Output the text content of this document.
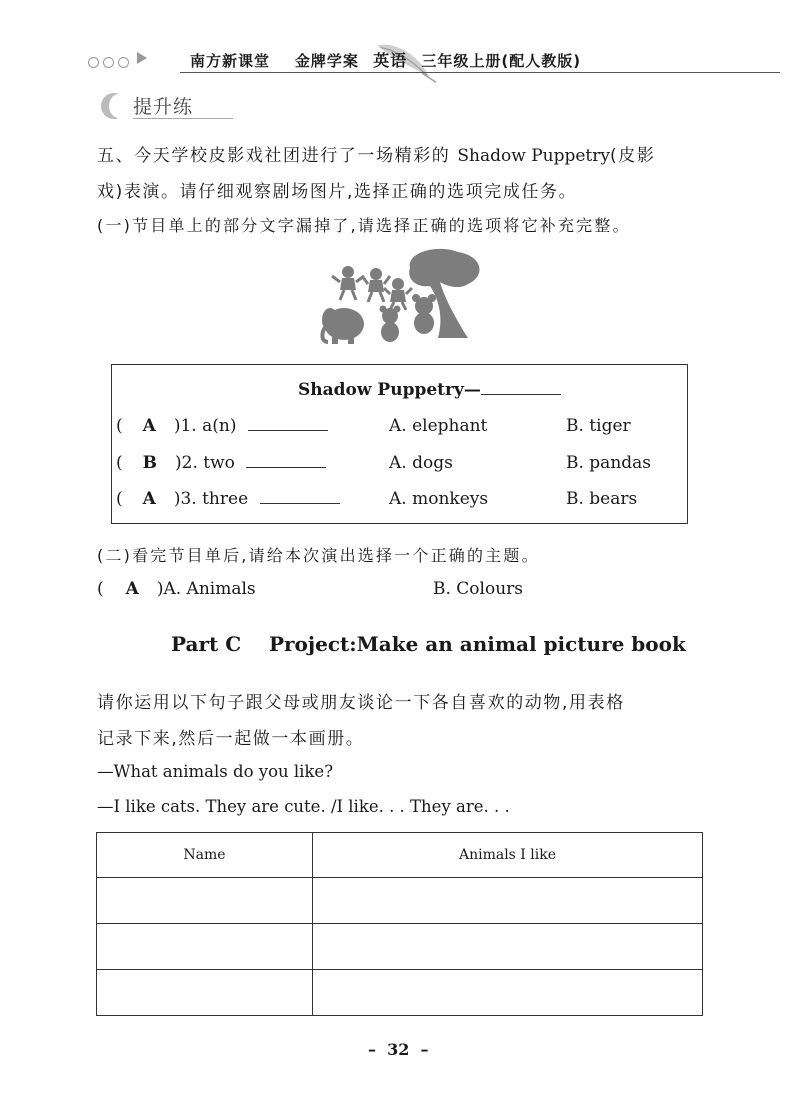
南方新课堂 金牌学案 英语 三年级上册(配人教版)
提升练
五、今天学校皮影戏社团进行了一场精彩的 Shadow Puppetry(皮影
戏)表演。请仔细观察剧场图片,选择正确的选项完成任务。
(一)节目单上的部分文字漏掉了,请选择正确的选项将它补充完整。
Shadow Puppetry—
( A )1. a(n)	A. elephant	B. tiger
( B )2. two	A. dogs	B. pandas
( A )3. three	A. monkeys	B. bears
(二)看完节目单后,请给本次演出选择一个正确的主题。
( A )A. Animals	B. Colours
Part C    Project:Make an animal picture book
请你运用以下句子跟父母或朋友谈论一下各自喜欢的动物,用表格
记录下来,然后一起做一本画册。
—What animals do you like?
—I like cats. They are cute. /I like. . . They are. . .
Name	Animals I like

–  32  –
